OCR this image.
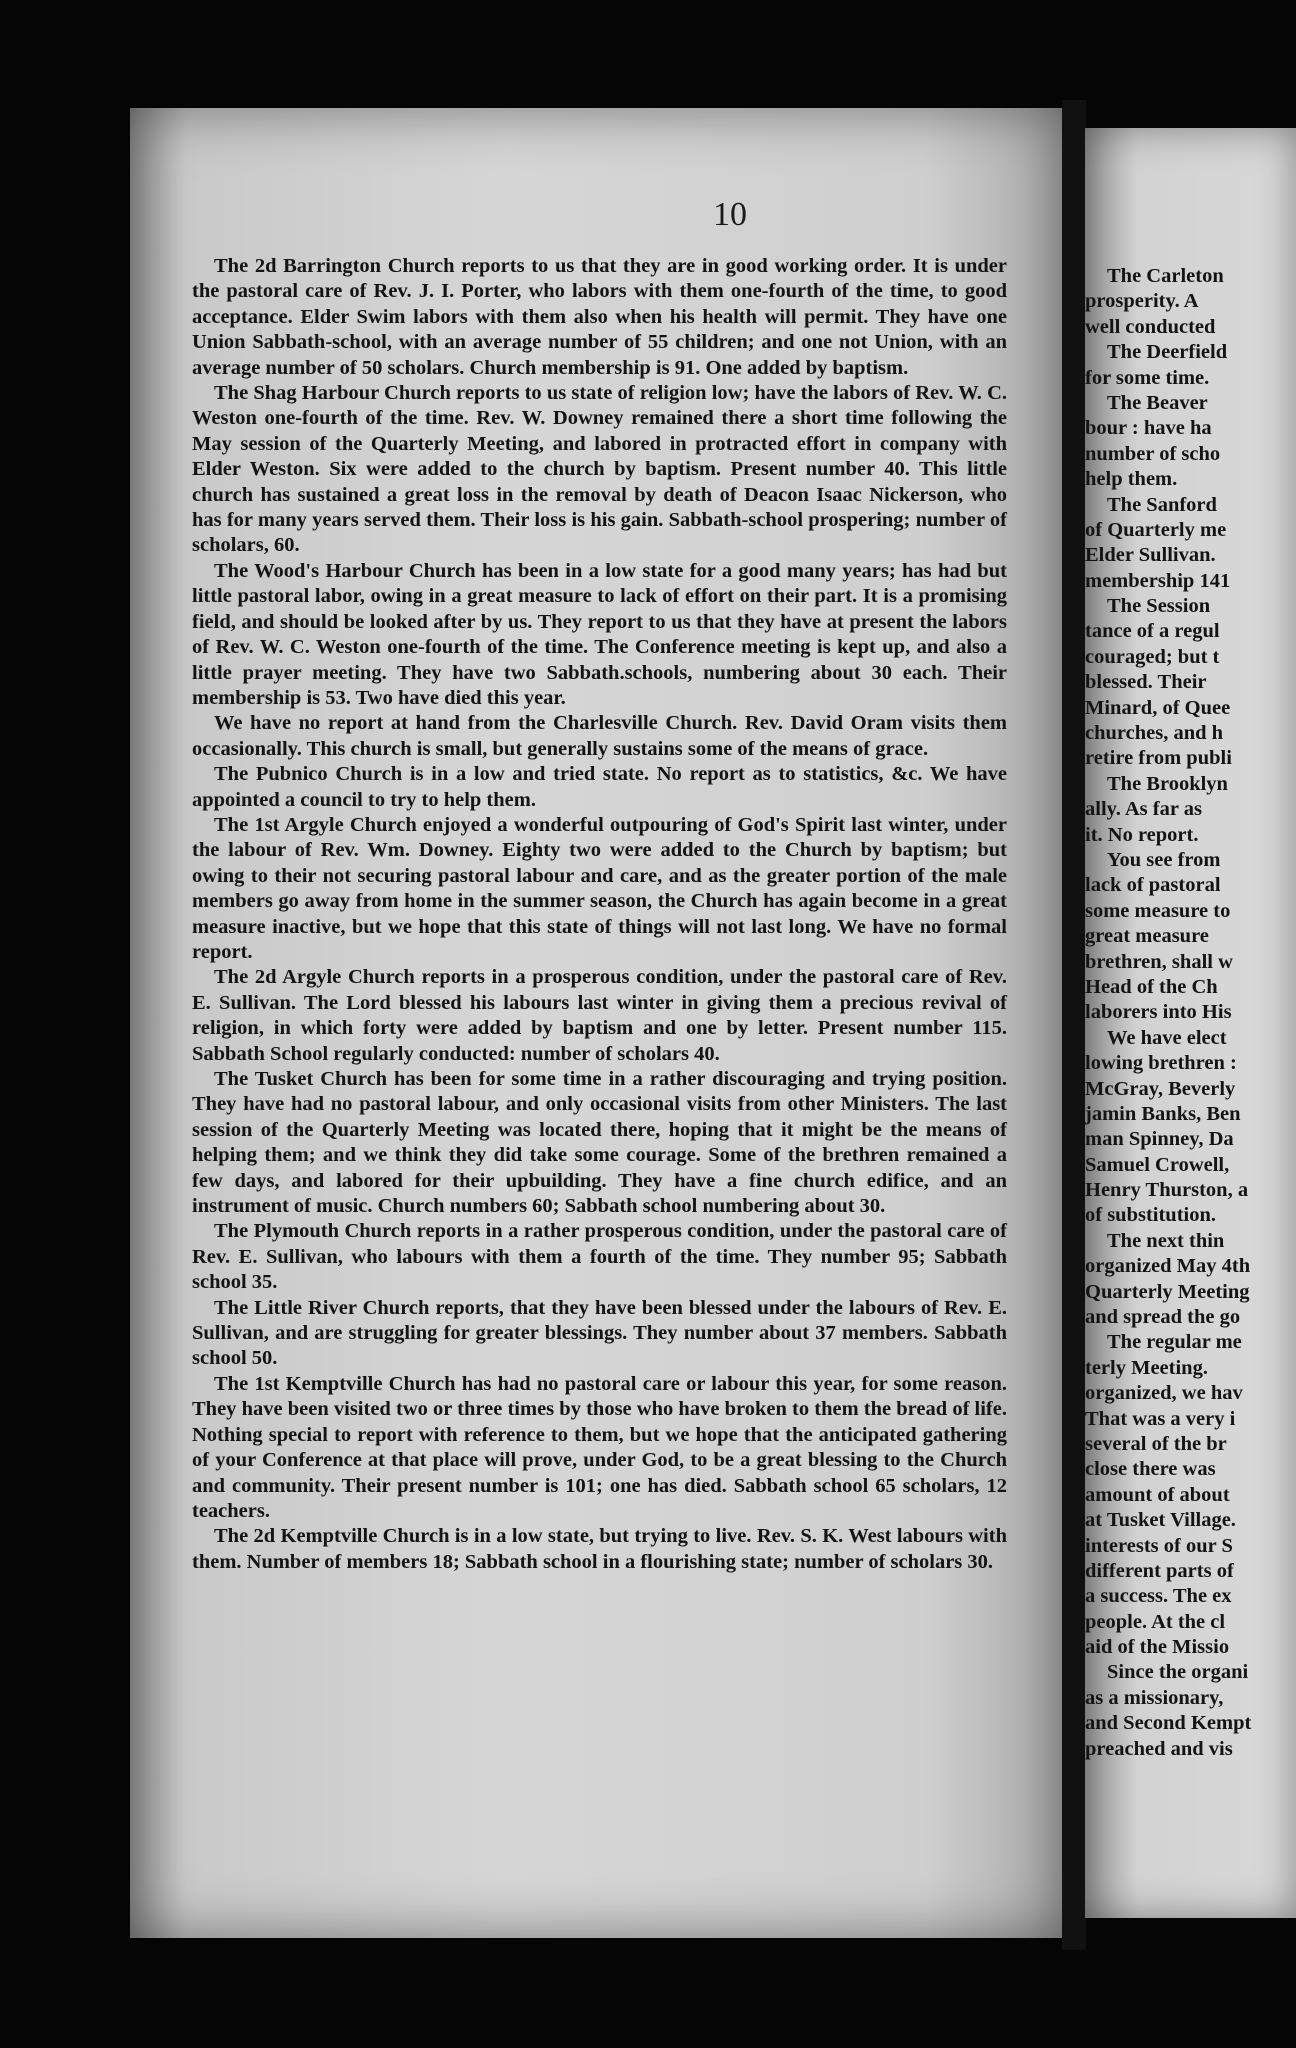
10

The 2d Barrington Church reports to us that they are in good working order. It is under the pastoral care of Rev. J. I. Porter, who labors with them one-fourth of the time, to good acceptance. Elder Swim labors with them also when his health will permit. They have one Union Sabbath-school, with an average number of 55 children; and one not Union, with an average number of 50 scholars. Church membership is 91. One added by baptism.

The Shag Harbour Church reports to us state of religion low; have the labors of Rev. W. C. Weston one-fourth of the time. Rev. W. Downey remained there a short time following the May session of the Quarterly Meeting, and labored in protracted effort in company with Elder Weston. Six were added to the church by baptism. Present number 40. This little church has sustained a great loss in the removal by death of Deacon Isaac Nickerson, who has for many years served them. Their loss is his gain. Sabbath-school prospering; number of scholars, 60.

The Wood's Harbour Church has been in a low state for a good many years; has had but little pastoral labor, owing in a great measure to lack of effort on their part. It is a promising field, and should be looked after by us. They report to us that they have at present the labors of Rev. W. C. Weston one-fourth of the time. The Conference meeting is kept up, and also a little prayer meeting. They have two Sabbath.schools, numbering about 30 each. Their membership is 53. Two have died this year.

We have no report at hand from the Charlesville Church. Rev. David Oram visits them occasionally. This church is small, but generally sustains some of the means of grace.

The Pubnico Church is in a low and tried state. No report as to statistics, &c. We have appointed a council to try to help them.

The 1st Argyle Church enjoyed a wonderful outpouring of God's Spirit last winter, under the labour of Rev. Wm. Downey. Eighty two were added to the Church by baptism; but owing to their not securing pastoral labour and care, and as the greater portion of the male members go away from home in the summer season, the Church has again become in a great measure inactive, but we hope that this state of things will not last long. We have no formal report.

The 2d Argyle Church reports in a prosperous condition, under the pastoral care of Rev. E. Sullivan. The Lord blessed his labours last winter in giving them a precious revival of religion, in which forty were added by baptism and one by letter. Present number 115. Sabbath School regularly conducted: number of scholars 40.

The Tusket Church has been for some time in a rather discouraging and trying position. They have had no pastoral labour, and only occasional visits from other Ministers. The last session of the Quarterly Meeting was located there, hoping that it might be the means of helping them; and we think they did take some courage. Some of the brethren remained a few days, and labored for their upbuilding. They have a fine church edifice, and an instrument of music. Church numbers 60; Sabbath school numbering about 30.

The Plymouth Church reports in a rather prosperous condition, under the pastoral care of Rev. E. Sullivan, who labours with them a fourth of the time. They number 95; Sabbath school 35.

The Little River Church reports, that they have been blessed under the labours of Rev. E. Sullivan, and are struggling for greater blessings. They number about 37 members. Sabbath school 50.

The 1st Kemptville Church has had no pastoral care or labour this year, for some reason. They have been visited two or three times by those who have broken to them the bread of life. Nothing special to report with reference to them, but we hope that the anticipated gathering of your Conference at that place will prove, under God, to be a great blessing to the Church and community. Their present number is 101; one has died. Sabbath school 65 scholars, 12 teachers.

The 2d Kemptville Church is in a low state, but trying to live. Rev. S. K. West labours with them. Number of members 18; Sabbath school in a flourishing state; number of scholars 30.

The Carleton
prosperity. A
well conducted
The Deerfield
for some time.
The Beaver
bour : have ha
number of scho
help them.
The Sanford
of Quarterly me
Elder Sullivan.
membership 141
The Session
tance of a regul
couraged; but t
blessed. Their
Minard, of Quee
churches, and h
retire from publi
The Brooklyn
ally. As far as
it. No report.
You see from
lack of pastoral
some measure to
great measure
brethren, shall w
Head of the Ch
laborers into His
We have elect
lowing brethren :
McGray, Beverly
jamin Banks, Ben
man Spinney, Da
Samuel Crowell,
Henry Thurston, a
of substitution.
The next thin
organized May 4th
Quarterly Meeting
and spread the go
The regular me
terly Meeting.
organized, we hav
That was a very i
several of the br
close there was
amount of about
at Tusket Village.
interests of our S
different parts of
a success. The ex
people. At the cl
aid of the Missio
Since the organi
as a missionary,
and Second Kempt
preached and vis
